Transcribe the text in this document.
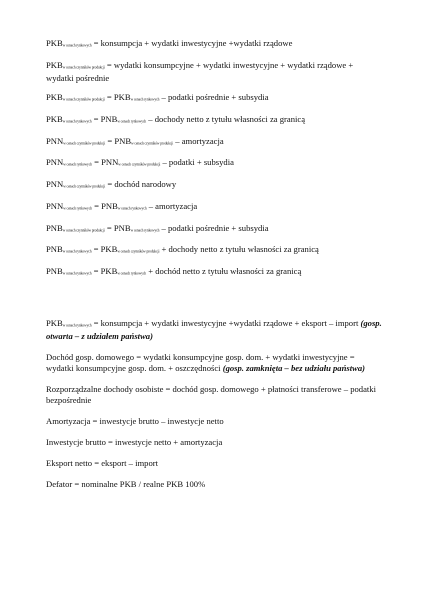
PKBw cenach rynkowych = konsumpcja + wydatki inwestycyjne +wydatki rządowe

PKBw cenach czynników produkcji = wydatki konsumpcyjne + wydatki inwestycyjne + wydatki rządowe + wydatki pośrednie

PKBw cenach czynników produkcji = PKBw cenach rynkowych – podatki pośrednie + subsydia

PKBw cenach rynkowych = PNBw cenach rynkowych – dochody netto z tytułu własności za granicą

PNNw cenach czynników produkcji = PNBw cenach czynników produkcji – amortyzacja

PNNw cenach rynkowych = PNNw cenach czynników produkcji – podatki + subsydia

PNNw cenach czynników produkcji = dochód narodowy

PNNw cenach rynkowych = PNBw cenach rynkowych – amortyzacja

PNBw cenach czynników produkcji = PNBw cenach rynkowych – podatki pośrednie + subsydia

PNBw cenach rynkowych = PKBw cenach czynników produkcji + dochody netto z tytułu własności za granicą

PNBw cenach rynkowych = PKBw cenach rynkowych + dochód netto z tytułu własności za granicą

PKBw cenach rynkowych = konsumpcja + wydatki inwestycyjne +wydatki rządowe + eksport – import (gosp. otwarta – z udziałem państwa)

Dochód gosp. domowego = wydatki konsumpcyjne gosp. dom. + wydatki inwestycyjne = wydatki konsumpcyjne gosp. dom. + oszczędności (gosp. zamknięta – bez udziału państwa)

Rozporządzalne dochody osobiste = dochód gosp. domowego + płatności transferowe – podatki bezpośrednie

Amortyzacja = inwestycje brutto – inwestycje netto

Inwestycje brutto = inwestycje netto + amortyzacja

Eksport netto = eksport – import

Defator = nominalne PKB / realne PKB 100%
